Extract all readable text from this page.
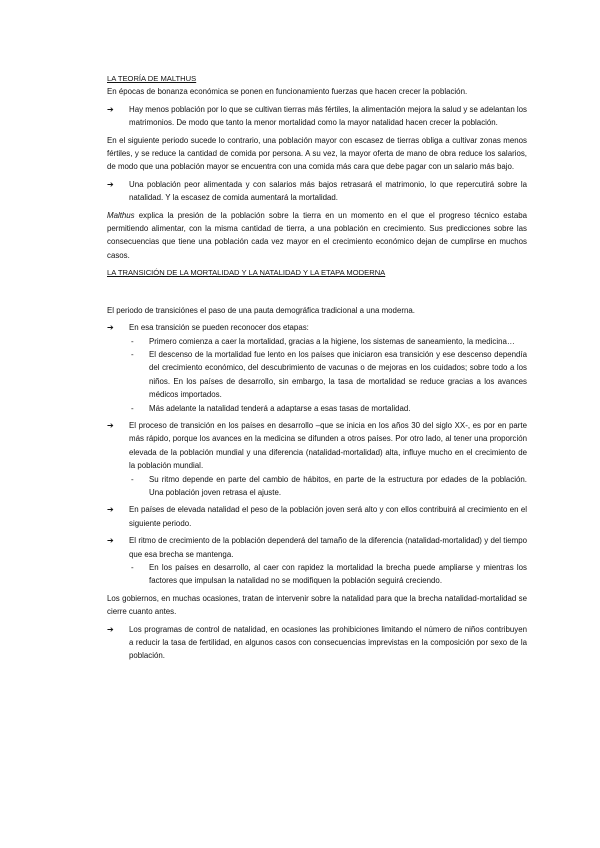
LA TEORÍA DE MALTHUS

En épocas de bonanza económica se ponen en funcionamiento fuerzas que hacen crecer la población.

➔	Hay menos población por lo que se cultivan tierras más fértiles, la alimentación mejora la salud y se adelantan los matrimonios. De modo que tanto la menor mortalidad como la mayor natalidad hacen crecer la población.

En el siguiente periodo sucede lo contrario, una población mayor con escasez de tierras obliga a cultivar zonas menos fértiles, y se reduce la cantidad de comida por persona. A su vez, la mayor oferta de mano de obra reduce los salarios, de modo que una población mayor se encuentra con una comida más cara que debe pagar con un salario más bajo.

➔	Una población peor alimentada y con salarios más bajos retrasará el matrimonio, lo que repercutirá sobre la natalidad. Y la escasez de comida aumentará la mortalidad.

Malthus explica la presión de la población sobre la tierra en un momento en el que el progreso técnico estaba permitiendo alimentar, con la misma cantidad de tierra, a una población en crecimiento. Sus predicciones sobre las consecuencias que tiene una población cada vez mayor en el crecimiento económico dejan de cumplirse en muchos casos.

LA TRANSICIÓN DE LA MORTALIDAD Y LA NATALIDAD Y LA ETAPA MODERNA

El periodo de transiciónes el paso de una pauta demográfica tradicional a una moderna.

➔	En esa transición se pueden reconocer dos etapas:
-	Primero comienza a caer la mortalidad, gracias a la higiene, los sistemas de saneamiento, la medicina…
-	El descenso de la mortalidad fue lento en los países que iniciaron esa transición y ese descenso dependía del crecimiento económico, del descubrimiento de vacunas o de mejoras en los cuidados; sobre todo a los niños. En los países de desarrollo, sin embargo, la tasa de mortalidad se reduce gracias a los avances médicos importados.
-	Más adelante la natalidad tenderá a adaptarse a esas tasas de mortalidad.
➔	El proceso de transición en los países en desarrollo –que se inicia en los años 30 del siglo XX-, es por en parte más rápido, porque los avances en la medicina se difunden a otros países. Por otro lado, al tener una proporción elevada de la población mundial y una diferencia (natalidad-mortalidad) alta, influye mucho en el crecimiento de la población mundial.
-	Su ritmo depende en parte del cambio de hábitos, en parte de la estructura por edades de la población. Una población joven retrasa el ajuste.
➔	En países de elevada natalidad el peso de la población joven será alto y con ellos contribuirá al crecimiento en el siguiente periodo.
➔	El ritmo de crecimiento de la población dependerá del tamaño de la diferencia (natalidad-mortalidad) y del tiempo que esa brecha se mantenga.
-	En los países en desarrollo, al caer con rapidez la mortalidad la brecha puede ampliarse y mientras los factores que impulsan la natalidad no se modifiquen la población seguirá creciendo.

Los gobiernos, en muchas ocasiones, tratan de intervenir sobre la natalidad para que la brecha natalidad-mortalidad se cierre cuanto antes.

➔	Los programas de control de natalidad, en ocasiones las prohibiciones limitando el número de niños contribuyen a reducir la tasa de fertilidad, en algunos casos con consecuencias imprevistas en la composición por sexo de la población.
